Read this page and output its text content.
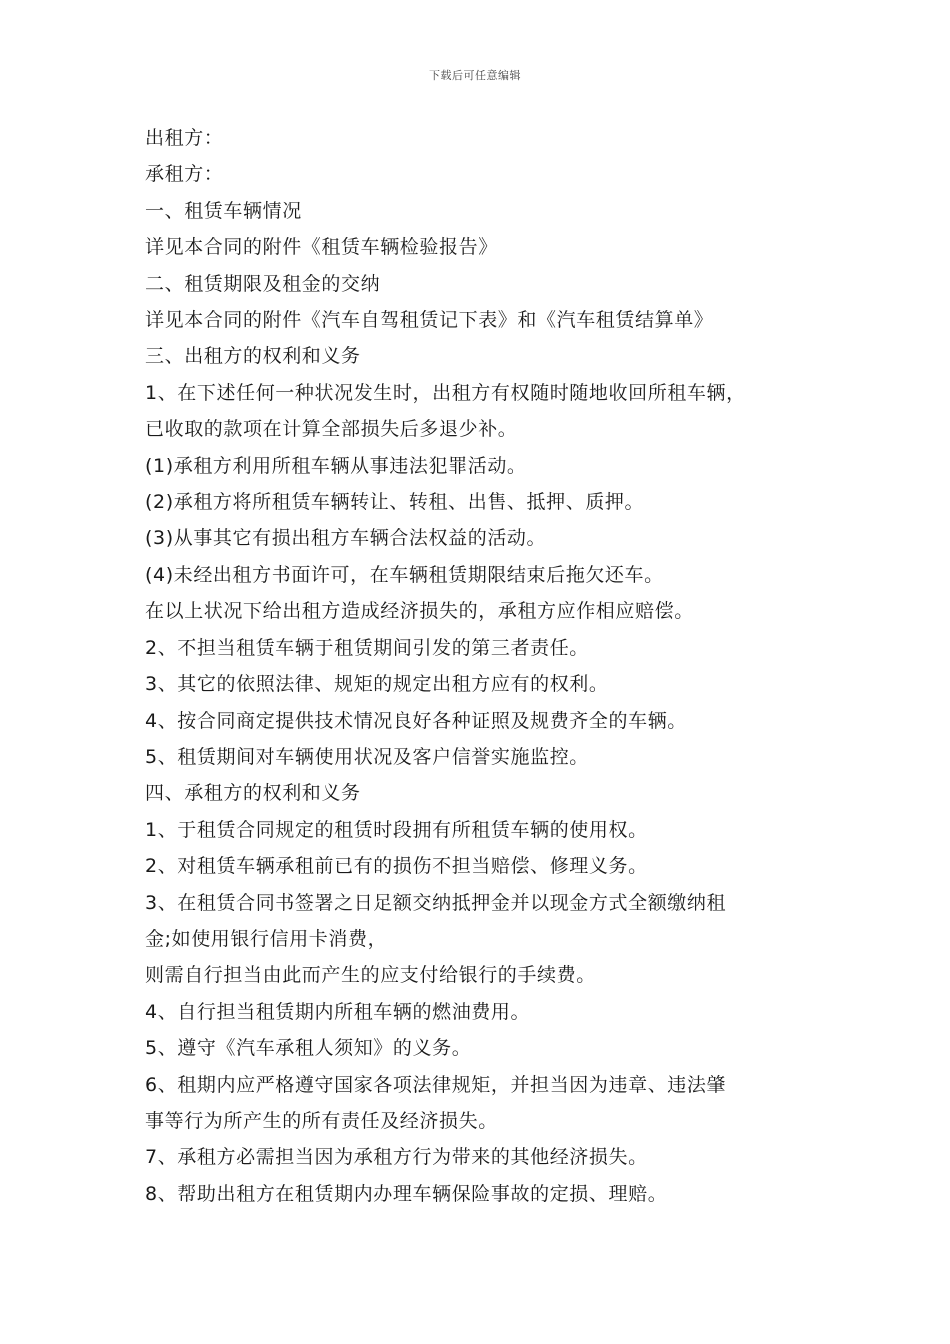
下载后可任意编辑
出租方：
承租方：
一、租赁车辆情况
详见本合同的附件《租赁车辆检验报告》
二、租赁期限及租金的交纳
详见本合同的附件《汽车自驾租赁记下表》和《汽车租赁结算单》
三、出租方的权利和义务
1、在下述任何一种状况发生时，出租方有权随时随地收回所租车辆，
已收取的款项在计算全部损失后多退少补。
(1)承租方利用所租车辆从事违法犯罪活动。
(2)承租方将所租赁车辆转让、转租、出售、抵押、质押。
(3)从事其它有损出租方车辆合法权益的活动。
(4)未经出租方书面许可，在车辆租赁期限结束后拖欠还车。
在以上状况下给出租方造成经济损失的，承租方应作相应赔偿。
2、不担当租赁车辆于租赁期间引发的第三者责任。
3、其它的依照法律、规矩的规定出租方应有的权利。
4、按合同商定提供技术情况良好各种证照及规费齐全的车辆。
5、租赁期间对车辆使用状况及客户信誉实施监控。
四、承租方的权利和义务
1、于租赁合同规定的租赁时段拥有所租赁车辆的使用权。
2、对租赁车辆承租前已有的损伤不担当赔偿、修理义务。
3、在租赁合同书签署之日足额交纳抵押金并以现金方式全额缴纳租
金;如使用银行信用卡消费，
则需自行担当由此而产生的应支付给银行的手续费。
4、自行担当租赁期内所租车辆的燃油费用。
5、遵守《汽车承租人须知》的义务。
6、租期内应严格遵守国家各项法律规矩，并担当因为违章、违法肇
事等行为所产生的所有责任及经济损失。
7、承租方必需担当因为承租方行为带来的其他经济损失。
8、帮助出租方在租赁期内办理车辆保险事故的定损、理赔。
